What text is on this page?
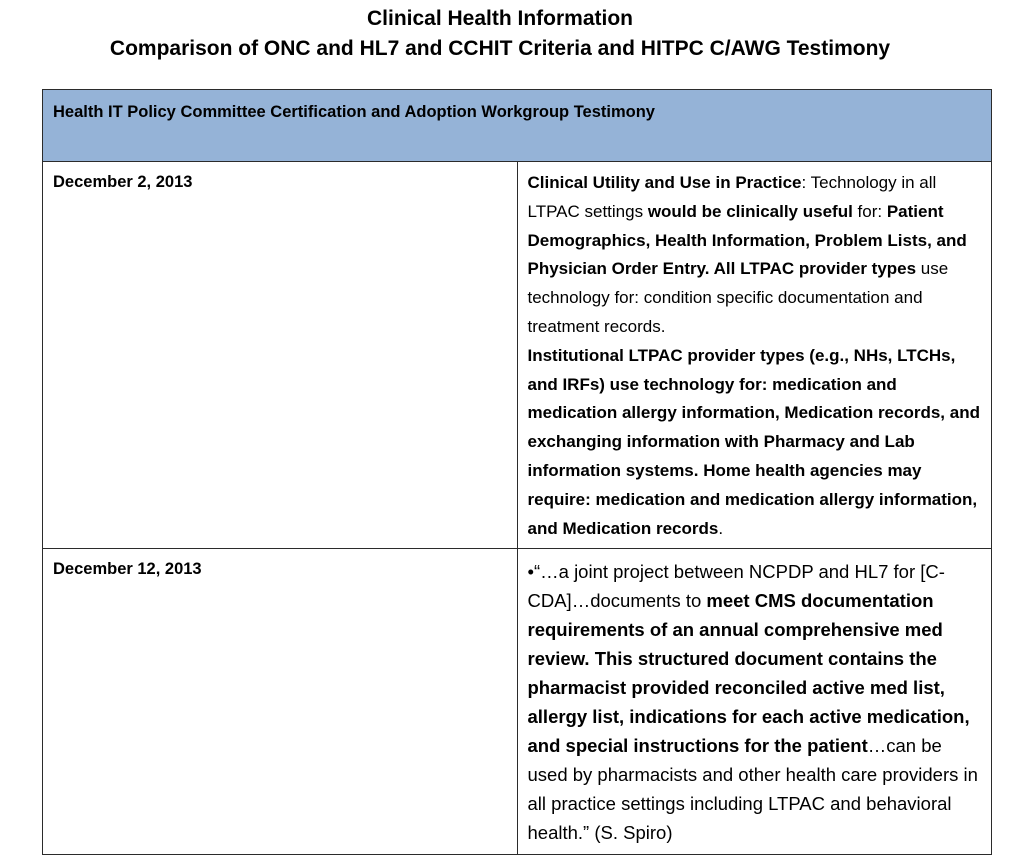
Clinical Health Information
Comparison of ONC and HL7 and CCHIT Criteria and HITPC C/AWG Testimony
Health IT Policy Committee Certification and Adoption Workgroup Testimony	
December 2, 2013	Clinical Utility and Use in Practice: Technology in all LTPAC settings would be clinically useful for: Patient Demographics, Health Information, Problem Lists, and Physician Order Entry. All LTPAC provider types use technology for: condition specific documentation and treatment records.
Institutional LTPAC provider types (e.g., NHs, LTCHs, and IRFs) use technology for: medication and medication allergy information, Medication records, and exchanging information with Pharmacy and Lab information systems. Home health agencies may require: medication and medication allergy information, and Medication records.
December 12, 2013	•“…a joint project between NCPDP and HL7 for [C-CDA]…documents to meet CMS documentation requirements of an annual comprehensive med review. This structured document contains the pharmacist provided reconciled active med list, allergy list, indications for each active medication, and special instructions for the patient…can be used by pharmacists and other health care providers in all practice settings including LTPAC and behavioral health.” (S. Spiro)
